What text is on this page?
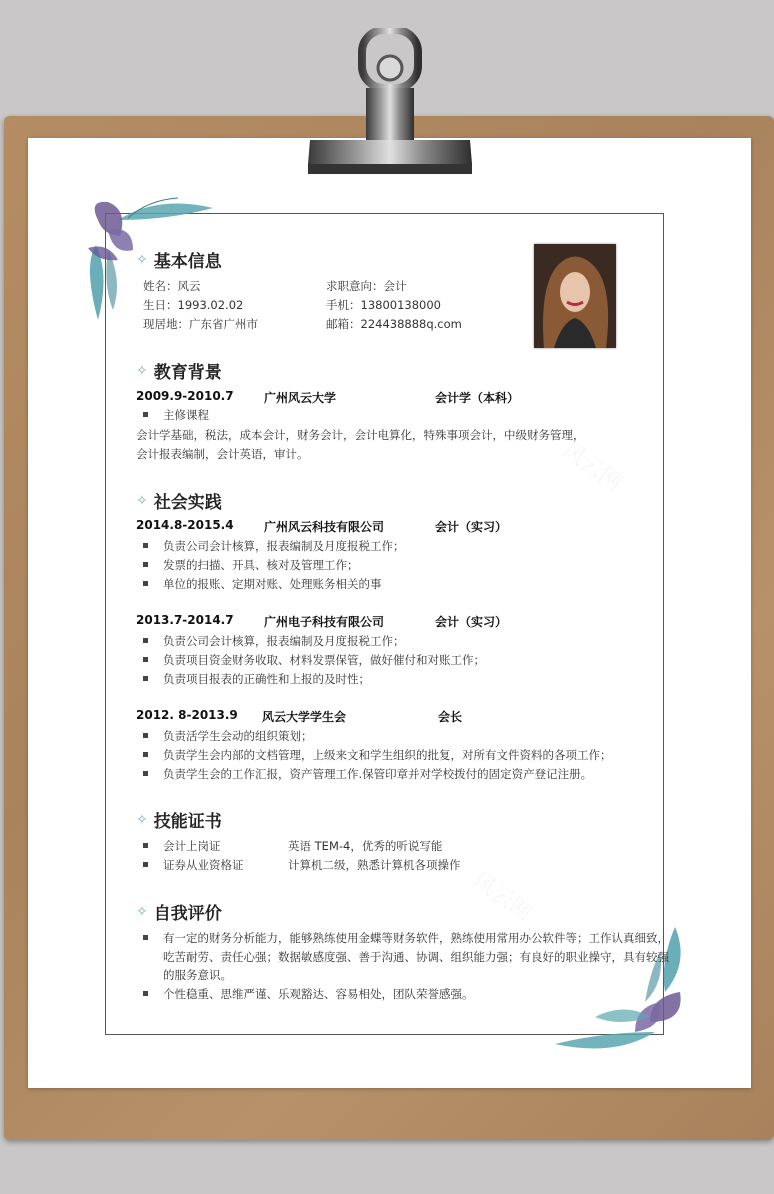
✧ 基本信息
姓名：风云
生日：1993.02.02
现居地：广东省广州市
求职意向：会计
手机：13800138000
邮箱：224438888q.com
✧ 教育背景
2009.9-2010.7	广州风云大学	会计学（本科）
主修课程
会计学基础，税法，成本会计，财务会计，会计电算化，特殊事项会计，中级财务管理，
会计报表编制，会计英语，审计。
✧ 社会实践
2014.8-2015.4	广州风云科技有限公司	会计（实习）
负责公司会计核算，报表编制及月度报税工作；
发票的扫描、开具、核对及管理工作；
单位的报账、定期对账、处理账务相关的事
2013.7-2014.7	广州电子科技有限公司	会计（实习）
负责公司会计核算，报表编制及月度报税工作；
负责项目资金财务收取、材料发票保管，做好催付和对账工作；
负责项目报表的正确性和上报的及时性；
2012. 8-2013.9 风云大学学生会	会长
负责活学生会动的组织策划；
负责学生会内部的文档管理，上级来文和学生组织的批复，对所有文件资料的各项工作；
负责学生会的工作汇报，资产管理工作.保管印章并对学校拨付的固定资产登记注册。
✧ 技能证书
会计上岗证	英语 TEM-4，优秀的听说写能
证券从业资格证	计算机二级，熟悉计算机各项操作
✧ 自我评价
有一定的财务分析能力，能够熟练使用金蝶等财务软件，熟练使用常用办公软件等；工作认真细致，
吃苦耐劳、责任心强；数据敏感度强、善于沟通、协调、组织能力强；有良好的职业操守，具有较强
的服务意识。
个性稳重、思维严谨、乐观豁达、容易相处，团队荣誉感强。
